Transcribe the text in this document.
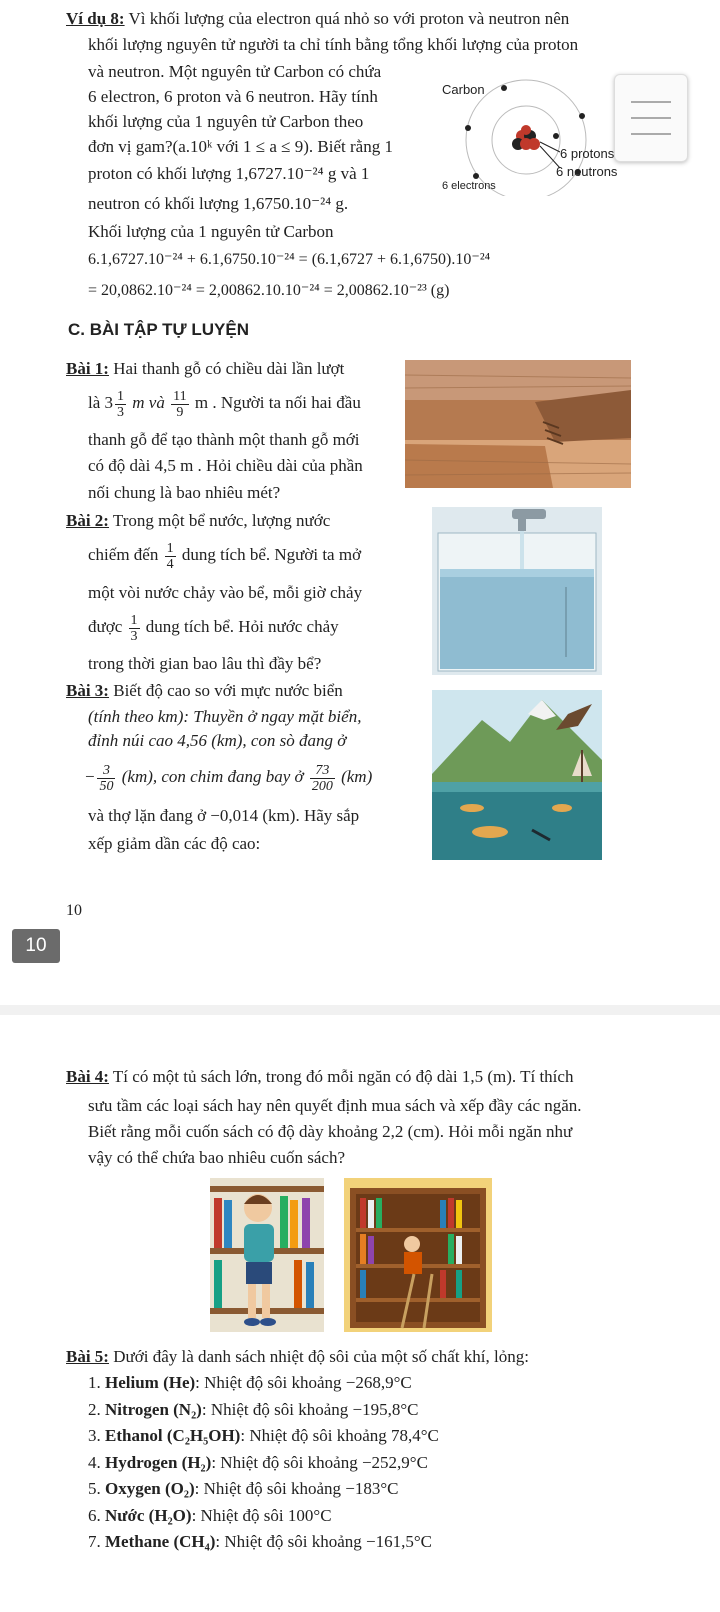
Ví dụ 8: Vì khối lượng của electron quá nhỏ so với proton và neutron nên
khối lượng nguyên tử người ta chỉ tính bằng tổng khối lượng của proton
và neutron. Một nguyên tử Carbon có chứa
6 electron, 6 proton và 6 neutron. Hãy tính
khối lượng của 1 nguyên tử Carbon theo
đơn vị gam?(a.10ᵏ với 1 ≤ a ≤ 9). Biết rằng 1
proton có khối lượng 1,6727.10⁻²⁴ g và 1
neutron có khối lượng 1,6750.10⁻²⁴ g.
Khối lượng của 1 nguyên tử Carbon
6.1,6727.10⁻²⁴ + 6.1,6750.10⁻²⁴ = (6.1,6727 + 6.1,6750).10⁻²⁴
= 20,0862.10⁻²⁴ = 2,00862.10.10⁻²⁴ = 2,00862.10⁻²³ (g)
Carbon
6 protons
6 neutrons
6 electrons
C. BÀI TẬP TỰ LUYỆN
Bài 1: Hai thanh gỗ có chiều dài lần lượt
là $3 \frac{1}{3}$ m và $\frac{11}{9}$ m . Người ta nối hai đầu
thanh gỗ để tạo thành một thanh gỗ mới
có độ dài 4,5 m . Hỏi chiều dài của phần
nối chung là bao nhiêu mét?
Bài 2: Trong một bể nước, lượng nước
chiếm đến $\frac{1}{4}$ dung tích bể. Người ta mở
một vòi nước chảy vào bể, mỗi giờ chảy
được $\frac{1}{3}$ dung tích bể. Hỏi nước chảy
trong thời gian bao lâu thì đầy bể?
Bài 3: Biết độ cao so với mực nước biển
(tính theo km): Thuyền ở ngay mặt biển,
đỉnh núi cao 4,56 (km), con sò đang ở
− $\frac{3}{50} (km)$, con chim đang bay ở $\frac{73}{200} (km)$
và thợ lặn đang ở −0,014 (km). Hãy sắp
xếp giảm dần các độ cao:
10
10
Bài 4: Tí có một tủ sách lớn, trong đó mỗi ngăn có độ dài 1,5 (m). Tí thích
sưu tầm các loại sách hay nên quyết định mua sách và xếp đầy các ngăn.
Biết rằng mỗi cuốn sách có độ dày khoảng 2,2 (cm). Hỏi mỗi ngăn như
vậy có thể chứa bao nhiêu cuốn sách?
Bài 5: Dưới đây là danh sách nhiệt độ sôi của một số chất khí, lỏng:
1. Helium (He): Nhiệt độ sôi khoảng −268,9°C
2. Nitrogen (N₂): Nhiệt độ sôi khoảng −195,8°C
3. Ethanol (C₂H₅OH): Nhiệt độ sôi khoảng 78,4°C
4. Hydrogen (H₂): Nhiệt độ sôi khoảng −252,9°C
5. Oxygen (O₂): Nhiệt độ sôi khoảng −183°C
6. Nước (H₂O): Nhiệt độ sôi 100°C
7. Methane (CH₄): Nhiệt độ sôi khoảng −161,5°C
